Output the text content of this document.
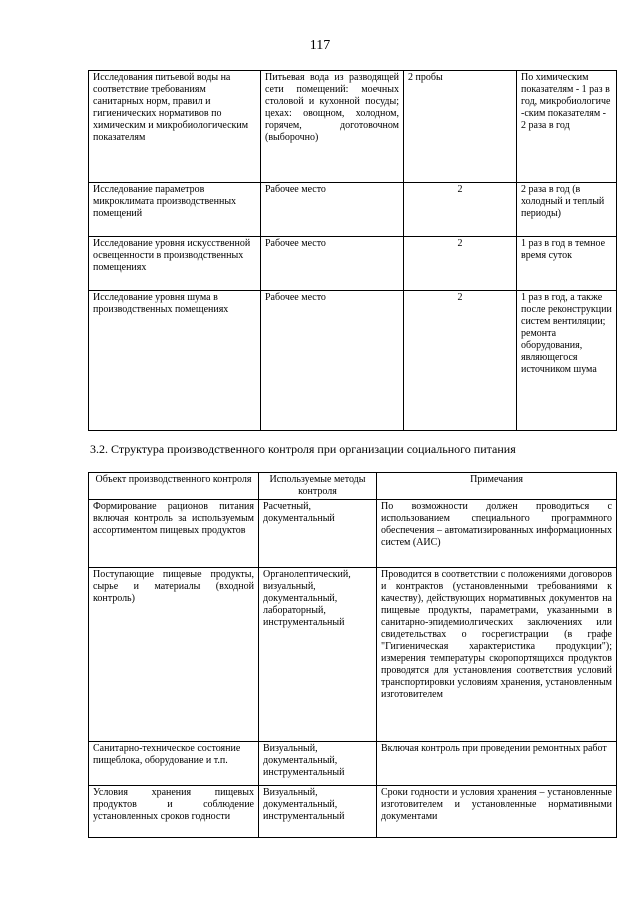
117
Исследования питьевой воды на соответствие требованиям санитарных норм, правил и гигиенических нормативов по химическим и микробиологическим показателям	Питьевая вода из разводящей сети помещений: моечных столовой и кухонной посуды; цехах: овощном, холодном, горячем, доготовочном (выборочно)	2 пробы	По химическим показателям - 1 раз в год, микробиологиче -ским показателям - 2 раза в год
Исследование параметров микроклимата производственных помещений	Рабочее место	2	2 раза в год (в холодный и теплый периоды)
Исследование уровня искусственной освещенности в производственных помещениях	Рабочее место	2	1 раз в год в темное время суток
Исследование уровня шума в производственных помещениях	Рабочее место	2	1 раз в год, а также после реконструкции систем вентиляции; ремонта оборудования, являющегося источником шума
3.2. Структура производственного контроля при организации социального питания
Объект производственного контроля	Используемые методы контроля	Примечания
Формирование рационов питания включая контроль за используемым ассортиментом пищевых продуктов	Расчетный, документальный	По возможности должен проводиться с использованием специального программного обеспечения – автоматизированных информационных систем (АИС)
Поступающие пищевые продукты, сырье и материалы (входной контроль)	Органолептический, визуальный, документальный, лабораторный, инструментальный	Проводится в соответствии с положениями договоров и контрактов (установленными требованиями к качеству), действующих нормативных документов на пищевые продукты, параметрами, указанными в санитарно-эпидемиолгических заключениях или свидетельствах о госрегистрации (в графе "Гигиеническая характеристика продукции"); измерения температуры скоропортящихся продуктов проводятся для установления соответствия условий транспортировки условиям хранения, установленным изготовителем
Санитарно-техническое состояние пищеблока, оборудование и т.п.	Визуальный, документальный, инструментальный	Включая контроль при проведении ремонтных работ
Условия хранения пищевых продуктов и соблюдение установленных сроков годности	Визуальный, документальный, инструментальный	Сроки годности и условия хранения – установленные изготовителем и установленные нормативными документами
